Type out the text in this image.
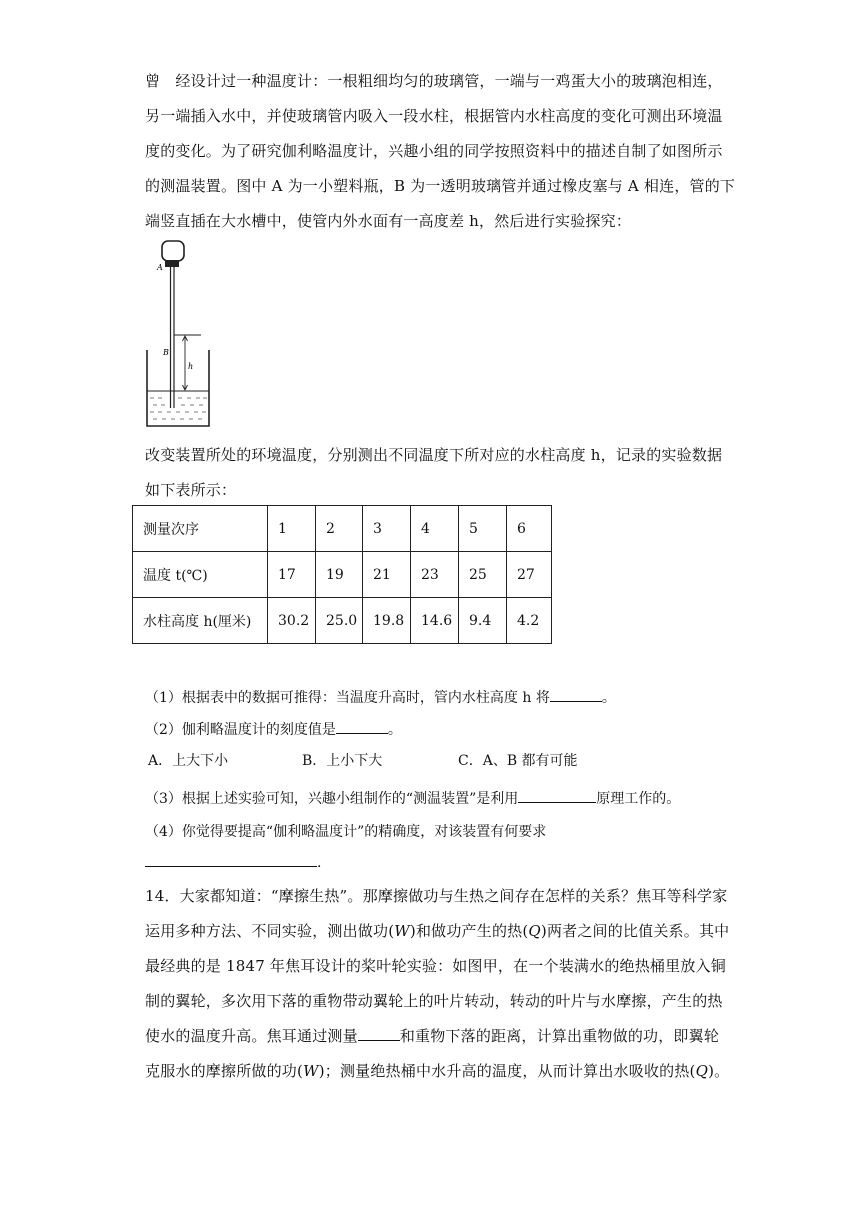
曾　经设计过一种温度计：一根粗细均匀的玻璃管，一端与一鸡蛋大小的玻璃泡相连，

另一端插入水中，并使玻璃管内吸入一段水柱，根据管内水柱高度的变化可测出环境温

度的变化。为了研究伽利略温度计，兴趣小组的同学按照资料中的描述自制了如图所示

的测温装置。图中 A 为一小塑料瓶，B 为一透明玻璃管并通过橡皮塞与 A 相连，管的下

端竖直插在大水槽中，使管内外水面有一高度差 h，然后进行实验探究：

A
B
h

改变装置所处的环境温度，分别测出不同温度下所对应的水柱高度 h，记录的实验数据

如下表所示：

测量次序	1	2	3	4	5	6
温度 t(℃)	17	19	21	23	25	27
水柱高度 h(厘米)	30.2	25.0	19.8	14.6	9.4	4.2
（1）根据表中的数据可推得：当温度升高时，管内水柱高度 h 将	。
（2）伽利略温度计的刻度值是	。
A．上大下小	B．上小下大	C．A、B 都有可能
（3）根据上述实验可知，兴趣小组制作的“测温装置”是利用	原理工作的。
（4）你觉得要提高“伽利略温度计”的精确度，对该装置有何要求
.

14．大家都知道：“摩擦生热”。那摩擦做功与生热之间存在怎样的关系？焦耳等科学家

运用多种方法、不同实验，测出做功(W)和做功产生的热(Q)两者之间的比值关系。其中

最经典的是 1847 年焦耳设计的桨叶轮实验：如图甲，在一个装满水的绝热桶里放入铜

制的翼轮，多次用下落的重物带动翼轮上的叶片转动，转动的叶片与水摩擦，产生的热

使水的温度升高。焦耳通过测量	和重物下落的距离，计算出重物做的功，即翼轮

克服水的摩擦所做的功(W)；测量绝热桶中水升高的温度，从而计算出水吸收的热(Q)。
